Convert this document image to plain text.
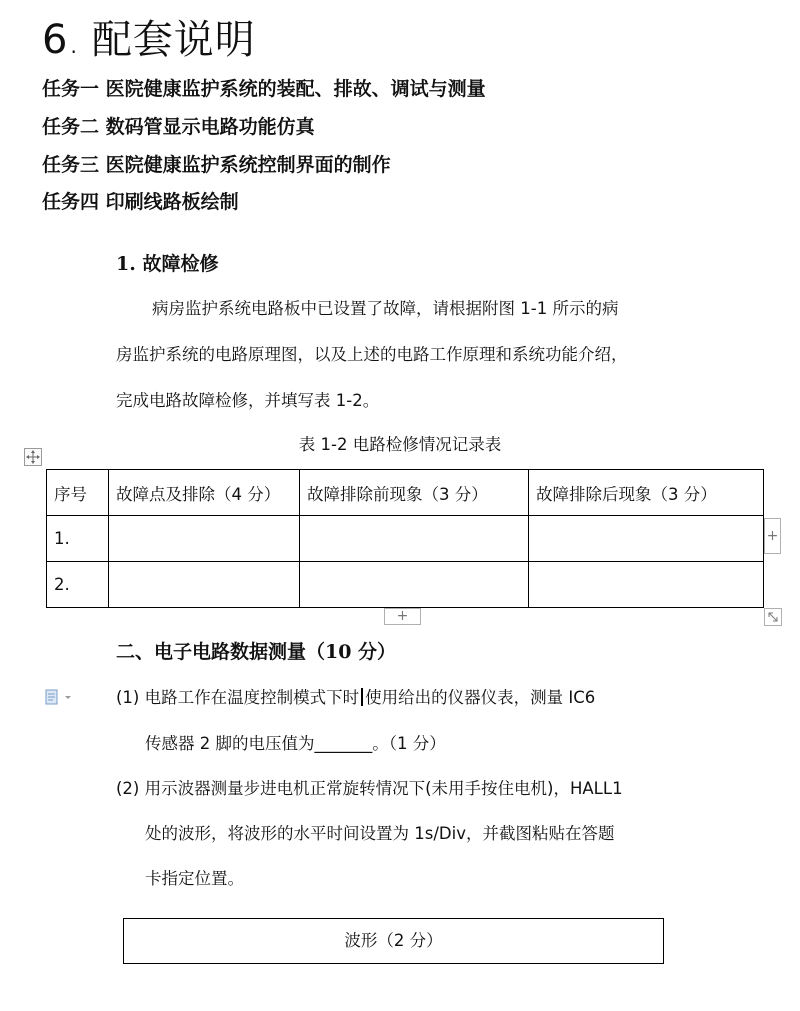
6 . 配套说明
任务一 医院健康监护系统的装配、排故、调试与测量
任务二 数码管显示电路功能仿真
任务三 医院健康监护系统控制界面的制作
任务四 印刷线路板绘制
1. 故障检修
病房监护系统电路板中已设置了故障，请根据附图 1-1 所示的病
房监护系统的电路原理图，以及上述的电路工作原理和系统功能介绍，
完成电路故障检修，并填写表 1-2。
表 1-2 电路检修情况记录表
序号	故障点及排除（4 分）	故障排除前现象（3 分）	故障排除后现象（3 分）
1.			
2.			
+
+
二、电子电路数据测量（10 分）
(1) 电路工作在温度控制模式下时 使用给出的仪器仪表，测量 IC6
传感器 2 脚的电压值为_______。（1 分）
(2) 用示波器测量步进电机正常旋转情况下(未用手按住电机)，HALL1
处的波形，将波形的水平时间设置为 1s/Div，并截图粘贴在答题
卡指定位置。
波形（2 分）
